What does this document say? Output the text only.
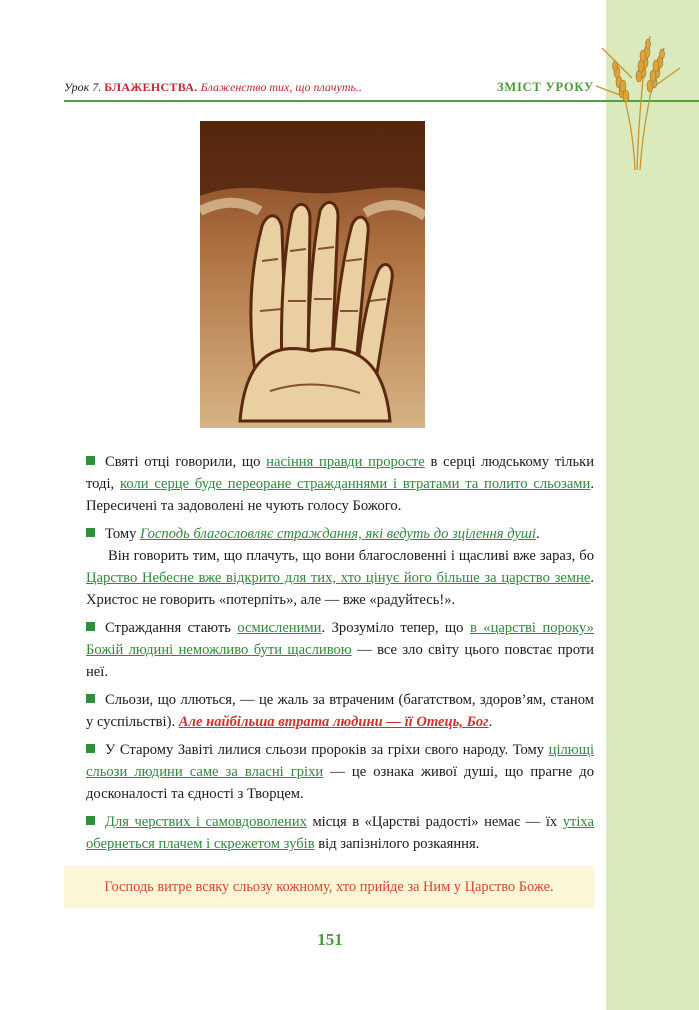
Урок 7. БЛАЖЕНСТВА. Блаженство тих, що плачуть..	ЗМІСТ УРОКУ

Святі отці говорили, що насіння правди проросте в серці людському тільки тоді, коли серце буде переоране стражданнями і втратами та полито сльозами. Пересичені та задоволені не чують голосу Божого.

Тому Господь благословляє страждання, які ведуть до зцілення душі.

Він говорить тим, що плачуть, що вони благословенні і щасливі вже зараз, бо Царство Небесне вже відкрито для тих, хто цінує його більше за царство земне. Христос не говорить «потерпіть», але — вже «радуйтесь!».

Страждання стають осмисленими. Зрозуміло тепер, що в «царстві пороку» Божій людині неможливо бути щасливою — все зло світу цього повстає проти неї.

Сльози, що ллються, — це жаль за втраченим (багатством, здоров’ям, станом у суспільстві). Але найбільша втрата людини — її Отець, Бог.

У Старому Завіті лилися сльози пророків за гріхи свого народу. Тому цілющі сльози людини саме за власні гріхи — це ознака живої душі, що прагне до досконалості та єдності з Творцем.

Для черствих і самовдоволених місця в «Царстві радості» немає — їх утіха обернеться плачем і скрежетом зубів від запізнілого розкаяння.

Господь витре всяку сльозу кожному, хто прийде за Ним у Царство Боже.
151
